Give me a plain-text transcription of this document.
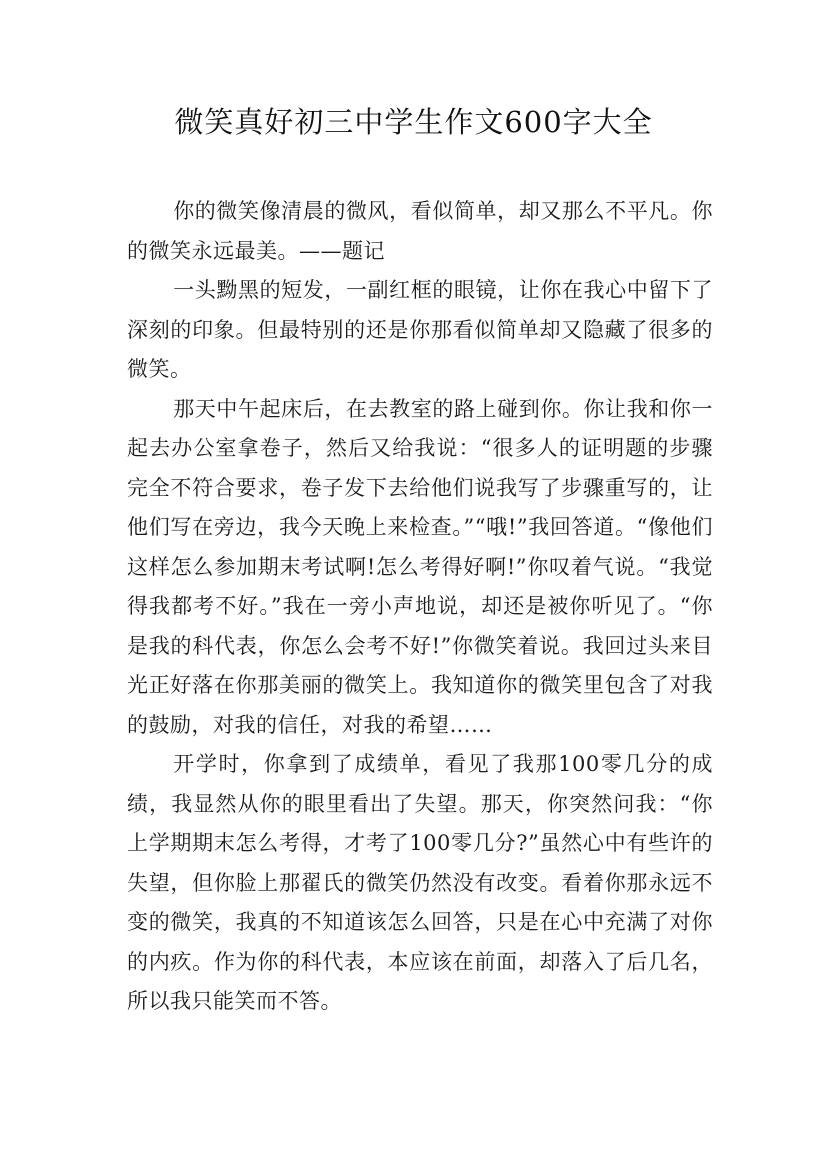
微笑真好初三中学生作文600字大全

你的微笑像清晨的微风，看似简单，却又那么不平凡。你的微笑永远最美。——题记

一头黝黑的短发，一副红框的眼镜，让你在我心中留下了深刻的印象。但最特别的还是你那看似简单却又隐藏了很多的微笑。

那天中午起床后，在去教室的路上碰到你。你让我和你一起去办公室拿卷子，然后又给我说：“很多人的证明题的步骤完全不符合要求，卷子发下去给他们说我写了步骤重写的，让他们写在旁边，我今天晚上来检查。”“哦!”我回答道。“像他们这样怎么参加期末考试啊!怎么考得好啊!”你叹着气说。“我觉得我都考不好。”我在一旁小声地说，却还是被你听见了。“你是我的科代表，你怎么会考不好!”你微笑着说。我回过头来目光正好落在你那美丽的微笑上。我知道你的微笑里包含了对我的鼓励，对我的信任，对我的希望……

开学时，你拿到了成绩单，看见了我那100零几分的成绩，我显然从你的眼里看出了失望。那天，你突然问我：“你上学期期末怎么考得，才考了100零几分?”虽然心中有些许的失望，但你脸上那翟氏的微笑仍然没有改变。看着你那永远不变的微笑，我真的不知道该怎么回答，只是在心中充满了对你的内疚。作为你的科代表，本应该在前面，却落入了后几名，所以我只能笑而不答。
